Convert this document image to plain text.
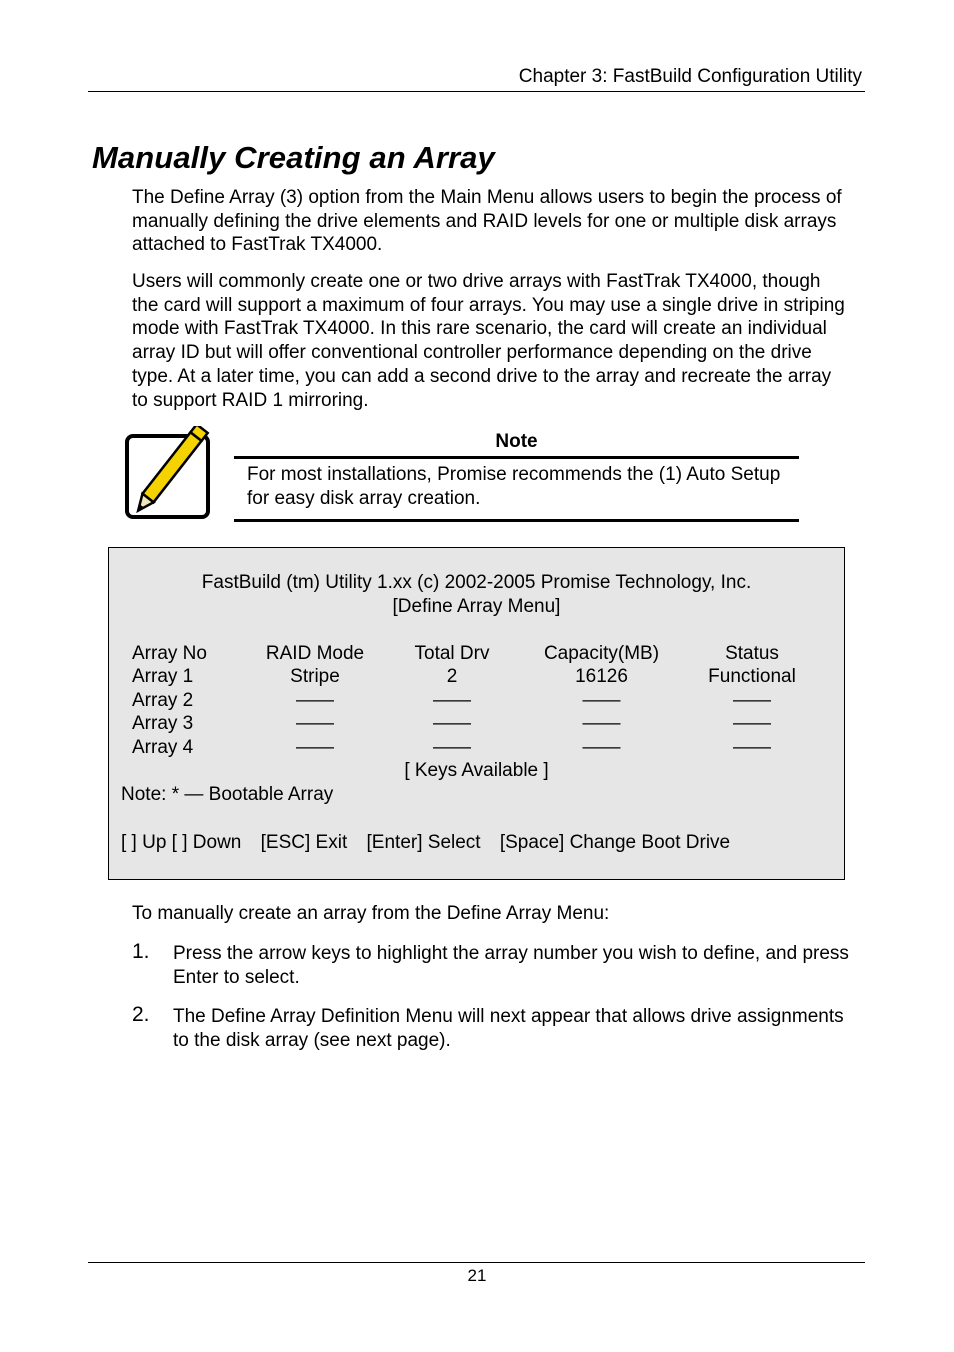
Chapter 3: FastBuild Configuration Utility
Manually Creating an Array
The Define Array (3) option from the Main Menu allows users to begin the process of manually defining the drive elements and RAID levels for one or multiple disk arrays attached to FastTrak TX4000.
Users will commonly create one or two drive arrays with FastTrak TX4000, though the card will support a maximum of four arrays. You may use a single drive in striping mode with FastTrak TX4000. In this rare scenario, the card will create an individual array ID but will offer conventional controller performance depending on the drive type. At a later time, you can add a second drive to the array and recreate the array to support RAID 1 mirroring.
Note
For most installations, Promise recommends the (1) Auto Setup for easy disk array creation.
FastBuild (tm) Utility 1.xx (c) 2002-2005 Promise Technology, Inc.
[Define Array Menu]
Array No	RAID Mode	Total Drv	Capacity(MB)	Status
Array 1	Stripe	2	16126	Functional
Array 2	——	——	——	——
Array 3	——	——	——	——
Array 4	——	——	——	——
[ Keys Available ]
Note: * — Bootable Array
[ ] Up [ ] Down [ESC] Exit [Enter] Select [Space] Change Boot Drive
To manually create an array from the Define Array Menu:
1. Press the arrow keys to highlight the array number you wish to define, and press Enter to select.
2. The Define Array Definition Menu will next appear that allows drive assignments to the disk array (see next page).
21
